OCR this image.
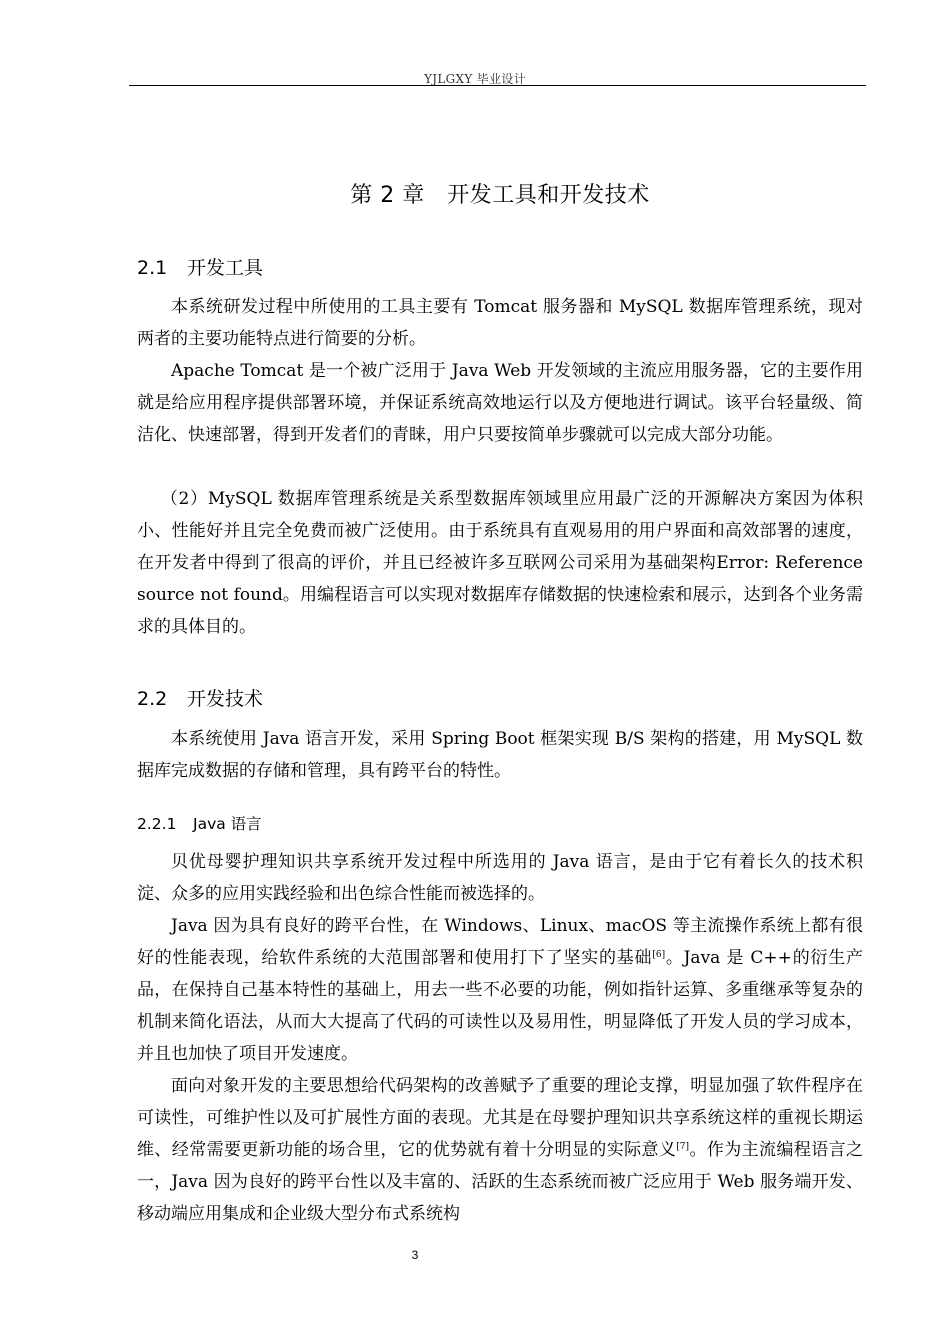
YJLGXY 毕业设计
第 2 章　开发工具和开发技术
2.1 开发工具

本系统研发过程中所使用的工具主要有 Tomcat 服务器和 MySQL 数据库管理系统，现对两者的主要功能特点进行简要的分析。

Apache Tomcat 是一个被广泛用于 Java Web 开发领域的主流应用服务器，它的主要作用就是给应用程序提供部署环境，并保证系统高效地运行以及方便地进行调试。该平台轻量级、简洁化、快速部署，得到开发者们的青睐，用户只要按简单步骤就可以完成大部分功能。

（2）MySQL 数据库管理系统是关系型数据库领域里应用最广泛的开源解决方案因为体积小、性能好并且完全免费而被广泛使用。由于系统具有直观易用的用户界面和高效部署的速度，在开发者中得到了很高的评价，并且已经被许多互联网公司采用为基础架构Error: Reference source not found。用编程语言可以实现对数据库存储数据的快速检索和展示，达到各个业务需求的具体目的。

2.2 开发技术

本系统使用 Java 语言开发，采用 Spring Boot 框架实现 B/S 架构的搭建，用 MySQL 数据库完成数据的存储和管理，具有跨平台的特性。

2.2.1 Java 语言

贝优母婴护理知识共享系统开发过程中所选用的 Java 语言，是由于它有着长久的技术积淀、众多的应用实践经验和出色综合性能而被选择的。

Java 因为具有良好的跨平台性，在 Windows、Linux、macOS 等主流操作系统上都有很好的性能表现，给软件系统的大范围部署和使用打下了坚实的基础[6]。Java 是 C++的衍生产品，在保持自己基本特性的基础上，用去一些不必要的功能，例如指针运算、多重继承等复杂的机制来简化语法，从而大大提高了代码的可读性以及易用性，明显降低了开发人员的学习成本，并且也加快了项目开发速度。

面向对象开发的主要思想给代码架构的改善赋予了重要的理论支撑，明显加强了软件程序在可读性，可维护性以及可扩展性方面的表现。尤其是在母婴护理知识共享系统这样的重视长期运维、经常需要更新功能的场合里，它的优势就有着十分明显的实际意义[7]。作为主流编程语言之一，Java 因为良好的跨平台性以及丰富的、活跃的生态系统而被广泛应用于 Web 服务端开发、移动端应用集成和企业级大型分布式系统构

3
